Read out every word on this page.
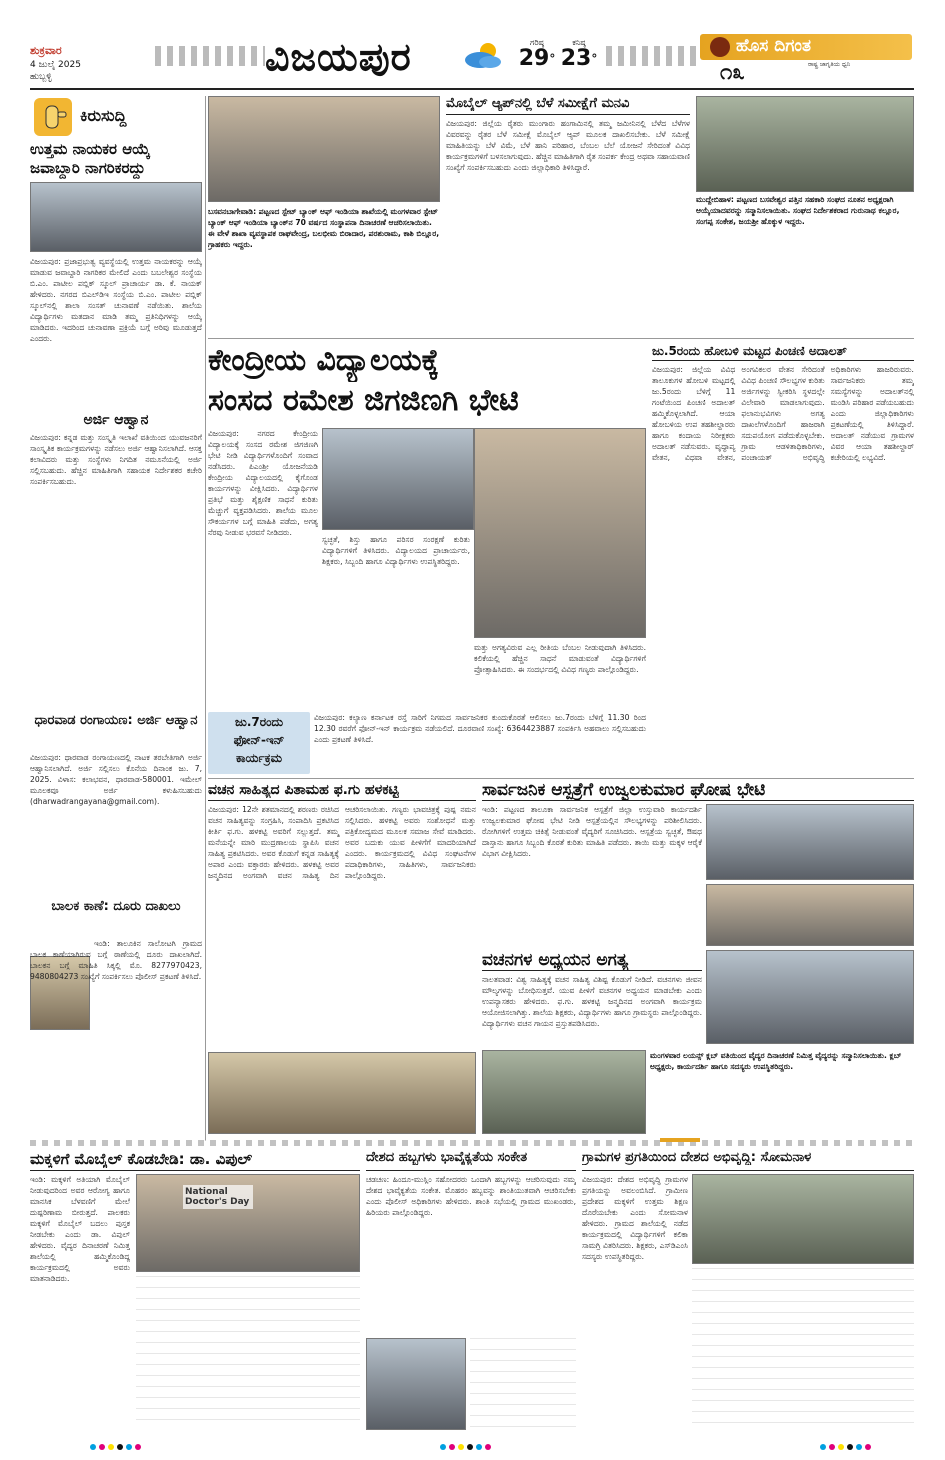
ಶುಕ್ರವಾರ
4 ಜುಲೈ 2025
ಹುಬ್ಬಳ್ಳಿ	ವಿಜಯಪುರ	ಗರಿಷ್ಠ
29°
ಕನಿಷ್ಠ
23°
ಹೊಸ ದಿಗಂತ
ರಾಷ್ಟ್ರ ಜಾಗೃತಿಯ ಧ್ವನಿ
೧೩
ಕಿರುಸುದ್ದಿ
ಉತ್ತಮ ನಾಯಕರ ಆಯ್ಕೆ ಜವಾಬ್ದಾರಿ ನಾಗರಿಕರದ್ದು
ವಿಜಯಪುರ: ಪ್ರಜಾಪ್ರಭುತ್ವ ವ್ಯವಸ್ಥೆಯಲ್ಲಿ ಉತ್ತಮ ನಾಯಕರನ್ನು ಆಯ್ಕೆ ಮಾಡುವ ಜವಾಬ್ದಾರಿ ನಾಗರಿಕರ ಮೇಲಿದೆ ಎಂದು ಬಬಲೇಶ್ವರ ಸಂಸ್ಥೆಯ ಬಿ.ಎಂ. ಪಾಟೀಲ ಪಬ್ಲಿಕ್ ಸ್ಕೂಲ್ ಪ್ರಾಚಾರ್ಯ ಡಾ. ಕೆ. ನಾಯಕ್ ಹೇಳಿದರು. ನಗರದ ಬಿಎಲ್‌ಡಿಇ ಸಂಸ್ಥೆಯ ಬಿ.ಎಂ. ಪಾಟೀಲ ಪಬ್ಲಿಕ್ ಸ್ಕೂಲ್‌ನಲ್ಲಿ ಶಾಲಾ ಸಂಸತ್ ಚುನಾವಣೆ ನಡೆಯಿತು. ಶಾಲೆಯ ವಿದ್ಯಾರ್ಥಿಗಳು ಮತದಾನ ಮಾಡಿ ತಮ್ಮ ಪ್ರತಿನಿಧಿಗಳನ್ನು ಆಯ್ಕೆ ಮಾಡಿದರು. ಇದರಿಂದ ಚುನಾವಣಾ ಪ್ರಕ್ರಿಯೆ ಬಗ್ಗೆ ಅರಿವು ಮೂಡುತ್ತದೆ ಎಂದರು.
ಅರ್ಜಿ ಆಹ್ವಾನ
ವಿಜಯಪುರ: ಕನ್ನಡ ಮತ್ತು ಸಂಸ್ಕೃತಿ ಇಲಾಖೆ ವತಿಯಿಂದ ಯುವಜನರಿಗೆ ಸಾಂಸ್ಕೃತಿಕ ಕಾರ್ಯಕ್ರಮಗಳನ್ನು ನಡೆಸಲು ಅರ್ಜಿ ಆಹ್ವಾನಿಸಲಾಗಿದೆ. ಆಸಕ್ತ ಕಲಾವಿದರು ಮತ್ತು ಸಂಸ್ಥೆಗಳು ನಿಗದಿತ ನಮೂನೆಯಲ್ಲಿ ಅರ್ಜಿ ಸಲ್ಲಿಸಬಹುದು. ಹೆಚ್ಚಿನ ಮಾಹಿತಿಗಾಗಿ ಸಹಾಯಕ ನಿರ್ದೇಶಕರ ಕಚೇರಿ ಸಂಪರ್ಕಿಸಬಹುದು.
ಧಾರವಾಡ ರಂಗಾಯಣ: ಅರ್ಜಿ ಆಹ್ವಾನ
ವಿಜಯಪುರ: ಧಾರವಾಡ ರಂಗಾಯಣದಲ್ಲಿ ನಾಟಕ ತರಬೇತಿಗಾಗಿ ಅರ್ಜಿ ಆಹ್ವಾನಿಸಲಾಗಿದೆ. ಅರ್ಜಿ ಸಲ್ಲಿಸಲು ಕೊನೆಯ ದಿನಾಂಕ ಜು. 7, 2025. ವಿಳಾಸ: ಕಲಾಭವನ, ಧಾರವಾಡ-580001. ಇಮೇಲ್ ಮೂಲಕವೂ ಅರ್ಜಿ ಕಳುಹಿಸಬಹುದು (dharwadrangayana@gmail.com).
ಬಾಲಕ ಕಾಣೆ: ದೂರು ದಾಖಲು
ಇಂಡಿ: ತಾಲೂಕಿನ ಸಾಲೋಟಗಿ ಗ್ರಾಮದ ಬಾಲಕ ಕಾಣೆಯಾಗಿರುವ ಬಗ್ಗೆ ಠಾಣೆಯಲ್ಲಿ ದೂರು ದಾಖಲಾಗಿದೆ. ಬಾಲಕನ ಬಗ್ಗೆ ಮಾಹಿತಿ ಸಿಕ್ಕಲ್ಲಿ ಮೊ. 8277970423, 9480804273 ಸಂಖ್ಯೆಗೆ ಸಂಪರ್ಕಿಸಲು ಪೊಲೀಸ್ ಪ್ರಕಟಣೆ ತಿಳಿಸಿದೆ.
ಬಸವನಬಾಗೇವಾಡಿ: ಪಟ್ಟಣದ ಸ್ಟೇಟ್ ಬ್ಯಾಂಕ್ ಆಫ್ ಇಂಡಿಯಾ ಶಾಖೆಯಲ್ಲಿ ಮಂಗಳವಾರ ಸ್ಟೇಟ್ ಬ್ಯಾಂಕ್ ಆಫ್ ಇಂಡಿಯಾ ಬ್ಯಾಂಕ್‌ನ 70 ವರ್ಷದ ಸಂಸ್ಥಾಪನಾ ದಿನಾಚರಣೆ ಆಚರಿಸಲಾಯಿತು. ಈ ವೇಳೆ ಶಾಖಾ ವ್ಯವಸ್ಥಾಪಕ ರಾಘವೇಂದ್ರ, ಬಲಭೀಮ ಬಿರಾದಾರ, ಪರಶುರಾಮ, ಕಾಶಿ ಬಿಲ್ಲೂರ, ಗ್ರಾಹಕರು ಇದ್ದರು.
ಮೊಬೈಲ್ ಆ್ಯಪ್‌ನಲ್ಲಿ ಬೆಳೆ ಸಮೀಕ್ಷೆಗೆ ಮನವಿ
ವಿಜಯಪುರ: ಜಿಲ್ಲೆಯ ರೈತರು ಮುಂಗಾರು ಹಂಗಾಮಿನಲ್ಲಿ ತಮ್ಮ ಜಮೀನಿನಲ್ಲಿ ಬೆಳೆದ ಬೆಳೆಗಳ ವಿವರವನ್ನು ರೈತರ ಬೆಳೆ ಸಮೀಕ್ಷೆ ಮೊಬೈಲ್ ಆ್ಯಪ್ ಮೂಲಕ ದಾಖಲಿಸಬೇಕು. ಬೆಳೆ ಸಮೀಕ್ಷೆ ಮಾಹಿತಿಯನ್ನು ಬೆಳೆ ವಿಮೆ, ಬೆಳೆ ಹಾನಿ ಪರಿಹಾರ, ಬೆಂಬಲ ಬೆಲೆ ಯೋಜನೆ ಸೇರಿದಂತೆ ವಿವಿಧ ಕಾರ್ಯಕ್ರಮಗಳಿಗೆ ಬಳಸಲಾಗುವುದು. ಹೆಚ್ಚಿನ ಮಾಹಿತಿಗಾಗಿ ರೈತ ಸಂಪರ್ಕ ಕೇಂದ್ರ ಅಥವಾ ಸಹಾಯವಾಣಿ ಸಂಖ್ಯೆಗೆ ಸಂಪರ್ಕಿಸಬಹುದು ಎಂದು ಜಿಲ್ಲಾಧಿಕಾರಿ ತಿಳಿಸಿದ್ದಾರೆ.
ಮುದ್ದೇಬಿಹಾಳ: ಪಟ್ಟಣದ ಬಸವೇಶ್ವರ ಪತ್ತಿನ ಸಹಕಾರಿ ಸಂಘದ ನೂತನ ಅಧ್ಯಕ್ಷರಾಗಿ ಆಯ್ಕೆಯಾದವರನ್ನು ಸನ್ಮಾನಿಸಲಾಯಿತು. ಸಂಘದ ನಿರ್ದೇಶಕರಾದ ಗುರುನಾಥ ಕಲ್ಲೂರ, ಸಂಗಪ್ಪ ಸಂಕೇಶ, ಜಯಶ್ರೀ ಹೊಕ್ಕುಳ ಇದ್ದರು.
ಕೇಂದ್ರೀಯ ವಿದ್ಯಾಲಯಕ್ಕೆ
ಸಂಸದ ರಮೇಶ ಜಿಗಜಿಣಗಿ ಭೇಟಿ
ವಿಜಯಪುರ: ನಗರದ ಕೇಂದ್ರೀಯ ವಿದ್ಯಾಲಯಕ್ಕೆ ಸಂಸದ ರಮೇಶ ಜಿಗಜಿಣಗಿ ಭೇಟಿ ನೀಡಿ ವಿದ್ಯಾರ್ಥಿಗಳೊಂದಿಗೆ ಸಂವಾದ ನಡೆಸಿದರು. ಪಿಎಂಶ್ರೀ ಯೋಜನೆಯಡಿ ಕೇಂದ್ರೀಯ ವಿದ್ಯಾಲಯದಲ್ಲಿ ಕೈಗೊಂಡ ಕಾರ್ಯಗಳನ್ನು ವೀಕ್ಷಿಸಿದರು. ವಿದ್ಯಾರ್ಥಿಗಳ ಪ್ರತಿಭೆ ಮತ್ತು ಶೈಕ್ಷಣಿಕ ಸಾಧನೆ ಕುರಿತು ಮೆಚ್ಚುಗೆ ವ್ಯಕ್ತಪಡಿಸಿದರು. ಶಾಲೆಯ ಮೂಲ ಸೌಕರ್ಯಗಳ ಬಗ್ಗೆ ಮಾಹಿತಿ ಪಡೆದು, ಅಗತ್ಯ ನೆರವು ನೀಡುವ ಭರವಸೆ ನೀಡಿದರು.
ಸ್ವಚ್ಛತೆ, ಶಿಸ್ತು ಹಾಗೂ ಪರಿಸರ ಸಂರಕ್ಷಣೆ ಕುರಿತು ವಿದ್ಯಾರ್ಥಿಗಳಿಗೆ ತಿಳಿಸಿದರು. ವಿದ್ಯಾಲಯದ ಪ್ರಾಚಾರ್ಯರು, ಶಿಕ್ಷಕರು, ಸಿಬ್ಬಂದಿ ಹಾಗೂ ವಿದ್ಯಾರ್ಥಿಗಳು ಉಪಸ್ಥಿತರಿದ್ದರು.
ಮತ್ತು ಅಗತ್ಯವಿರುವ ಎಲ್ಲ ರೀತಿಯ ಬೆಂಬಲ ನೀಡುವುದಾಗಿ ತಿಳಿಸಿದರು. ಕಲಿಕೆಯಲ್ಲಿ ಹೆಚ್ಚಿನ ಸಾಧನೆ ಮಾಡುವಂತೆ ವಿದ್ಯಾರ್ಥಿಗಳಿಗೆ ಪ್ರೋತ್ಸಾಹಿಸಿದರು. ಈ ಸಂದರ್ಭದಲ್ಲಿ ವಿವಿಧ ಗಣ್ಯರು ಪಾಲ್ಗೊಂಡಿದ್ದರು.
ಜು.7ರಂದು
ಫೋನ್-ಇನ್
ಕಾರ್ಯಕ್ರಮ
ವಿಜಯಪುರ: ಕಲ್ಯಾಣ ಕರ್ನಾಟಕ ರಸ್ತೆ ಸಾರಿಗೆ ನಿಗಮದ ಸಾರ್ವಜನಿಕರ ಕುಂದುಕೊರತೆ ಆಲಿಸಲು ಜು.7ರಂದು ಬೆಳಿಗ್ಗೆ 11.30 ರಿಂದ 12.30 ರವರೆಗೆ ಫೋನ್-ಇನ್ ಕಾರ್ಯಕ್ರಮ ನಡೆಯಲಿದೆ. ದೂರವಾಣಿ ಸಂಖ್ಯೆ: 6364423887 ಸಂಪರ್ಕಿಸಿ ಅಹವಾಲು ಸಲ್ಲಿಸಬಹುದು ಎಂದು ಪ್ರಕಟಣೆ ತಿಳಿಸಿದೆ.
ಜು.5ರಂದು ಹೋಬಳಿ ಮಟ್ಟದ ಪಿಂಚಣಿ ಅದಾಲತ್
ವಿಜಯಪುರ: ಜಿಲ್ಲೆಯ ವಿವಿಧ ತಾಲೂಕುಗಳ ಹೋಬಳಿ ಮಟ್ಟದಲ್ಲಿ ಜು.5ರಂದು ಬೆಳಿಗ್ಗೆ 11 ಗಂಟೆಯಿಂದ ಪಿಂಚಣಿ ಅದಾಲತ್ ಹಮ್ಮಿಕೊಳ್ಳಲಾಗಿದೆ. ಆಯಾ ಹೋಬಳಿಯ ಉಪ ತಹಶೀಲ್ದಾರರು ಹಾಗೂ ಕಂದಾಯ ನಿರೀಕ್ಷಕರು ಅದಾಲತ್ ನಡೆಸುವರು. ವೃದ್ಧಾಪ್ಯ ವೇತನ, ವಿಧವಾ ವೇತನ, ಅಂಗವಿಕಲರ ವೇತನ ಸೇರಿದಂತೆ ವಿವಿಧ ಪಿಂಚಣಿ ಸೌಲಭ್ಯಗಳ ಕುರಿತು ಅರ್ಜಿಗಳನ್ನು ಸ್ವೀಕರಿಸಿ ಸ್ಥಳದಲ್ಲೇ ವಿಲೇವಾರಿ ಮಾಡಲಾಗುವುದು. ಫಲಾನುಭವಿಗಳು ಅಗತ್ಯ ದಾಖಲೆಗಳೊಂದಿಗೆ ಹಾಜರಾಗಿ ಸದುಪಯೋಗ ಪಡೆದುಕೊಳ್ಳಬೇಕು. ಗ್ರಾಮ ಆಡಳಿತಾಧಿಕಾರಿಗಳು, ಪಂಚಾಯತ್ ಅಭಿವೃದ್ಧಿ ಅಧಿಕಾರಿಗಳು ಹಾಜರಿರುವರು. ಸಾರ್ವಜನಿಕರು ತಮ್ಮ ಸಮಸ್ಯೆಗಳನ್ನು ಅದಾಲತ್‌ನಲ್ಲಿ ಮಂಡಿಸಿ ಪರಿಹಾರ ಪಡೆಯಬಹುದು ಎಂದು ಜಿಲ್ಲಾಧಿಕಾರಿಗಳು ಪ್ರಕಟಣೆಯಲ್ಲಿ ತಿಳಿಸಿದ್ದಾರೆ. ಅದಾಲತ್ ನಡೆಯುವ ಗ್ರಾಮಗಳ ವಿವರ ಆಯಾ ತಹಶೀಲ್ದಾರ್ ಕಚೇರಿಯಲ್ಲಿ ಲಭ್ಯವಿದೆ.
ವಚನ ಸಾಹಿತ್ಯದ ಪಿತಾಮಹ ಫ.ಗು ಹಳಕಟ್ಟಿ
ವಿಜಯಪುರ: 12ನೇ ಶತಮಾನದಲ್ಲಿ ಶರಣರು ರಚಿಸಿದ ವಚನ ಸಾಹಿತ್ಯವನ್ನು ಸಂಗ್ರಹಿಸಿ, ಸಂಪಾದಿಸಿ ಪ್ರಕಟಿಸಿದ ಕೀರ್ತಿ ಫ.ಗು. ಹಳಕಟ್ಟಿ ಅವರಿಗೆ ಸಲ್ಲುತ್ತದೆ. ತಮ್ಮ ಮನೆಯನ್ನೇ ಮಾರಿ ಮುದ್ರಣಾಲಯ ಸ್ಥಾಪಿಸಿ ವಚನ ಸಾಹಿತ್ಯ ಪ್ರಕಟಿಸಿದರು. ಅವರ ಕೊಡುಗೆ ಕನ್ನಡ ಸಾಹಿತ್ಯಕ್ಕೆ ಅಪಾರ ಎಂದು ವಕ್ತಾರರು ಹೇಳಿದರು. ಹಳಕಟ್ಟಿ ಅವರ ಜನ್ಮದಿನದ ಅಂಗವಾಗಿ ವಚನ ಸಾಹಿತ್ಯ ದಿನ ಆಚರಿಸಲಾಯಿತು. ಗಣ್ಯರು ಭಾವಚಿತ್ರಕ್ಕೆ ಪುಷ್ಪ ನಮನ ಸಲ್ಲಿಸಿದರು. ಹಳಕಟ್ಟಿ ಅವರು ಸಂಶೋಧನೆ ಮತ್ತು ಪತ್ರಿಕೋದ್ಯಮದ ಮೂಲಕ ಸಮಾಜ ಸೇವೆ ಮಾಡಿದರು. ಅವರ ಬದುಕು ಯುವ ಪೀಳಿಗೆಗೆ ಮಾದರಿಯಾಗಿದೆ ಎಂದರು. ಕಾರ್ಯಕ್ರಮದಲ್ಲಿ ವಿವಿಧ ಸಂಘಟನೆಗಳ ಪದಾಧಿಕಾರಿಗಳು, ಸಾಹಿತಿಗಳು, ಸಾರ್ವಜನಿಕರು ಪಾಲ್ಗೊಂಡಿದ್ದರು.
ಸಾರ್ವಜನಿಕ ಆಸ್ಪತ್ರೆಗೆ ಉಜ್ವಲಕುಮಾರ ಘೋಷ ಭೇಟಿ
ಇಂಡಿ: ಪಟ್ಟಣದ ತಾಲೂಕಾ ಸಾರ್ವಜನಿಕ ಆಸ್ಪತ್ರೆಗೆ ಜಿಲ್ಲಾ ಉಸ್ತುವಾರಿ ಕಾರ್ಯದರ್ಶಿ ಉಜ್ವಲಕುಮಾರ ಘೋಷ ಭೇಟಿ ನೀಡಿ ಆಸ್ಪತ್ರೆಯಲ್ಲಿನ ಸೌಲಭ್ಯಗಳನ್ನು ಪರಿಶೀಲಿಸಿದರು. ರೋಗಿಗಳಿಗೆ ಉತ್ತಮ ಚಿಕಿತ್ಸೆ ನೀಡುವಂತೆ ವೈದ್ಯರಿಗೆ ಸೂಚಿಸಿದರು. ಆಸ್ಪತ್ರೆಯ ಸ್ವಚ್ಛತೆ, ಔಷಧ ದಾಸ್ತಾನು ಹಾಗೂ ಸಿಬ್ಬಂದಿ ಕೊರತೆ ಕುರಿತು ಮಾಹಿತಿ ಪಡೆದರು. ತಾಯಿ ಮತ್ತು ಮಕ್ಕಳ ಆರೈಕೆ ವಿಭಾಗ ವೀಕ್ಷಿಸಿದರು.
ವಚನಗಳ ಅಧ್ಯಯನ ಅಗತ್ಯ
ನಾಲತವಾಡ: ವಿಶ್ವ ಸಾಹಿತ್ಯಕ್ಕೆ ವಚನ ಸಾಹಿತ್ಯ ವಿಶಿಷ್ಟ ಕೊಡುಗೆ ನೀಡಿದೆ. ವಚನಗಳು ಜೀವನ ಮೌಲ್ಯಗಳನ್ನು ಬೋಧಿಸುತ್ತವೆ. ಯುವ ಪೀಳಿಗೆ ವಚನಗಳ ಅಧ್ಯಯನ ಮಾಡಬೇಕು ಎಂದು ಉಪನ್ಯಾಸಕರು ಹೇಳಿದರು. ಫ.ಗು. ಹಳಕಟ್ಟಿ ಜನ್ಮದಿನದ ಅಂಗವಾಗಿ ಕಾರ್ಯಕ್ರಮ ಆಯೋಜಿಸಲಾಗಿತ್ತು. ಶಾಲೆಯ ಶಿಕ್ಷಕರು, ವಿದ್ಯಾರ್ಥಿಗಳು ಹಾಗೂ ಗ್ರಾಮಸ್ಥರು ಪಾಲ್ಗೊಂಡಿದ್ದರು. ವಿದ್ಯಾರ್ಥಿಗಳು ವಚನ ಗಾಯನ ಪ್ರಸ್ತುತಪಡಿಸಿದರು.
ಮಂಗಳವಾರ ಲಯನ್ಸ್ ಕ್ಲಬ್ ವತಿಯಿಂದ ವೈದ್ಯರ ದಿನಾಚರಣೆ ನಿಮಿತ್ತ ವೈದ್ಯರನ್ನು ಸನ್ಮಾನಿಸಲಾಯಿತು. ಕ್ಲಬ್ ಅಧ್ಯಕ್ಷರು, ಕಾರ್ಯದರ್ಶಿ ಹಾಗೂ ಸದಸ್ಯರು ಉಪಸ್ಥಿತರಿದ್ದರು.
ಮಕ್ಕಳಿಗೆ ಮೊಬೈಲ್ ಕೊಡಬೇಡಿ: ಡಾ. ವಿಪುಲ್
ಇಂಡಿ: ಮಕ್ಕಳಿಗೆ ಅತಿಯಾಗಿ ಮೊಬೈಲ್ ನೀಡುವುದರಿಂದ ಅವರ ಆರೋಗ್ಯ ಹಾಗೂ ಮಾನಸಿಕ ಬೆಳವಣಿಗೆ ಮೇಲೆ ದುಷ್ಪರಿಣಾಮ ಬೀರುತ್ತದೆ. ಪಾಲಕರು ಮಕ್ಕಳಿಗೆ ಮೊಬೈಲ್ ಬದಲು ಪುಸ್ತಕ ನೀಡಬೇಕು ಎಂದು ಡಾ. ವಿಪುಲ್ ಹೇಳಿದರು. ವೈದ್ಯರ ದಿನಾಚರಣೆ ನಿಮಿತ್ತ ಶಾಲೆಯಲ್ಲಿ ಹಮ್ಮಿಕೊಂಡಿದ್ದ ಕಾರ್ಯಕ್ರಮದಲ್ಲಿ ಅವರು ಮಾತನಾಡಿದರು.
National Doctor's Day
ದೇಶದ ಹಬ್ಬಗಳು ಭಾವೈಕ್ಯತೆಯ ಸಂಕೇತ
ಚಡಚಣ: ಹಿಂದೂ-ಮುಸ್ಲಿಂ ಸಹೋದರರು ಒಂದಾಗಿ ಹಬ್ಬಗಳನ್ನು ಆಚರಿಸುವುದು ನಮ್ಮ ದೇಶದ ಭಾವೈಕ್ಯತೆಯ ಸಂಕೇತ. ಮೊಹರಂ ಹಬ್ಬವನ್ನು ಶಾಂತಿಯುತವಾಗಿ ಆಚರಿಸಬೇಕು ಎಂದು ಪೊಲೀಸ್ ಅಧಿಕಾರಿಗಳು ಹೇಳಿದರು. ಶಾಂತಿ ಸಭೆಯಲ್ಲಿ ಗ್ರಾಮದ ಮುಖಂಡರು, ಹಿರಿಯರು ಪಾಲ್ಗೊಂಡಿದ್ದರು.
ಗ್ರಾಮಗಳ ಪ್ರಗತಿಯಿಂದ ದೇಶದ ಅಭಿವೃದ್ಧಿ: ಸೋಮನಾಳ
ವಿಜಯಪುರ: ದೇಶದ ಅಭಿವೃದ್ಧಿ ಗ್ರಾಮಗಳ ಪ್ರಗತಿಯನ್ನು ಅವಲಂಬಿಸಿದೆ. ಗ್ರಾಮೀಣ ಪ್ರದೇಶದ ಮಕ್ಕಳಿಗೆ ಉತ್ತಮ ಶಿಕ್ಷಣ ದೊರೆಯಬೇಕು ಎಂದು ಸೋಮನಾಳ ಹೇಳಿದರು. ಗ್ರಾಮದ ಶಾಲೆಯಲ್ಲಿ ನಡೆದ ಕಾರ್ಯಕ್ರಮದಲ್ಲಿ ವಿದ್ಯಾರ್ಥಿಗಳಿಗೆ ಕಲಿಕಾ ಸಾಮಗ್ರಿ ವಿತರಿಸಿದರು. ಶಿಕ್ಷಕರು, ಎಸ್‌ಡಿಎಂಸಿ ಸದಸ್ಯರು ಉಪಸ್ಥಿತರಿದ್ದರು.
